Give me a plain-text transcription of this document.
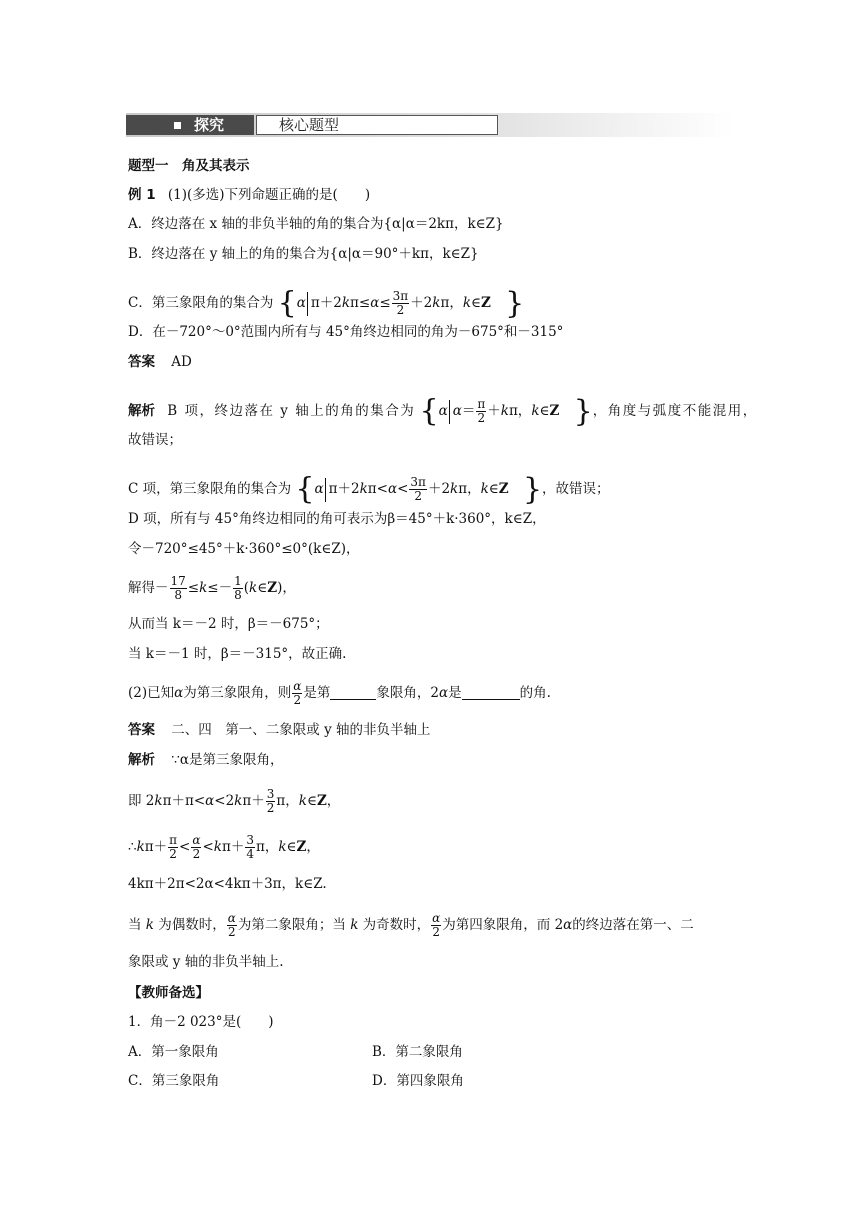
探究	核心题型
题型一　角及其表示
例 1 (1)(多选)下列命题正确的是(　　)
A．终边落在 x 轴的非负半轴的角的集合为{α|α＝2kπ，k∈Z}
B．终边落在 y 轴上的角的集合为{α|α＝90°＋kπ，k∈Z}
C．第三象限角的集合为 {α $\pi+2k\pi\le\alpha\le \frac{3\pi}{2} +2k\pi$，k∈Z }
D．在－720°～0°范围内所有与 45°角终边相同的角为－675°和－315°
答案 AD
解析 B 项，终边落在 y 轴上的角的集合为 {α $\alpha= \frac{\pi}{2} +k\pi$，k∈Z }，角度与弧度不能混用，
故错误；
C 项，第三象限角的集合为 {α $\pi+2k\pi<\alpha< \frac{3\pi}{2} +2k\pi$，k∈Z }，故错误；
D 项，所有与 45°角终边相同的角可表示为β＝45°＋k·360°，k∈Z，
令－720°≤45°＋k·360°≤0°(k∈Z)，
解得－ $\frac{17}{8} \le k\le- \frac{1}{8}$ (k∈Z)，
从而当 k＝－2 时，β＝－675°；
当 k＝－1 时，β＝－315°，故正确.
(2)已知α为第三象限角，则 $\frac{\alpha}{2}$ 是第	象限角，2α是	的角.
答案 二、四　第一、二象限或 y 轴的非负半轴上
解析 ∵α是第三象限角，
即 $2k\pi+\pi<\alpha<2k\pi+ \frac{3}{2}$ π，k∈Z，
∴kπ＋ $\frac{\pi}{2} < \frac{\alpha}{2} <k\pi+ \frac{3}{4}$ π，k∈Z，
4kπ＋2π<2α<4kπ＋3π，k∈Z.
当 k 为偶数时， $\frac{\alpha}{2}$ 为第二象限角；当 k 为奇数时， $\frac{\alpha}{2}$ 为第四象限角，而 2α的终边落在第一、二
象限或 y 轴的非负半轴上.
【教师备选】
1．角－2 023°是(　　)
A．第一象限角	B．第二象限角
C．第三象限角	D．第四象限角
